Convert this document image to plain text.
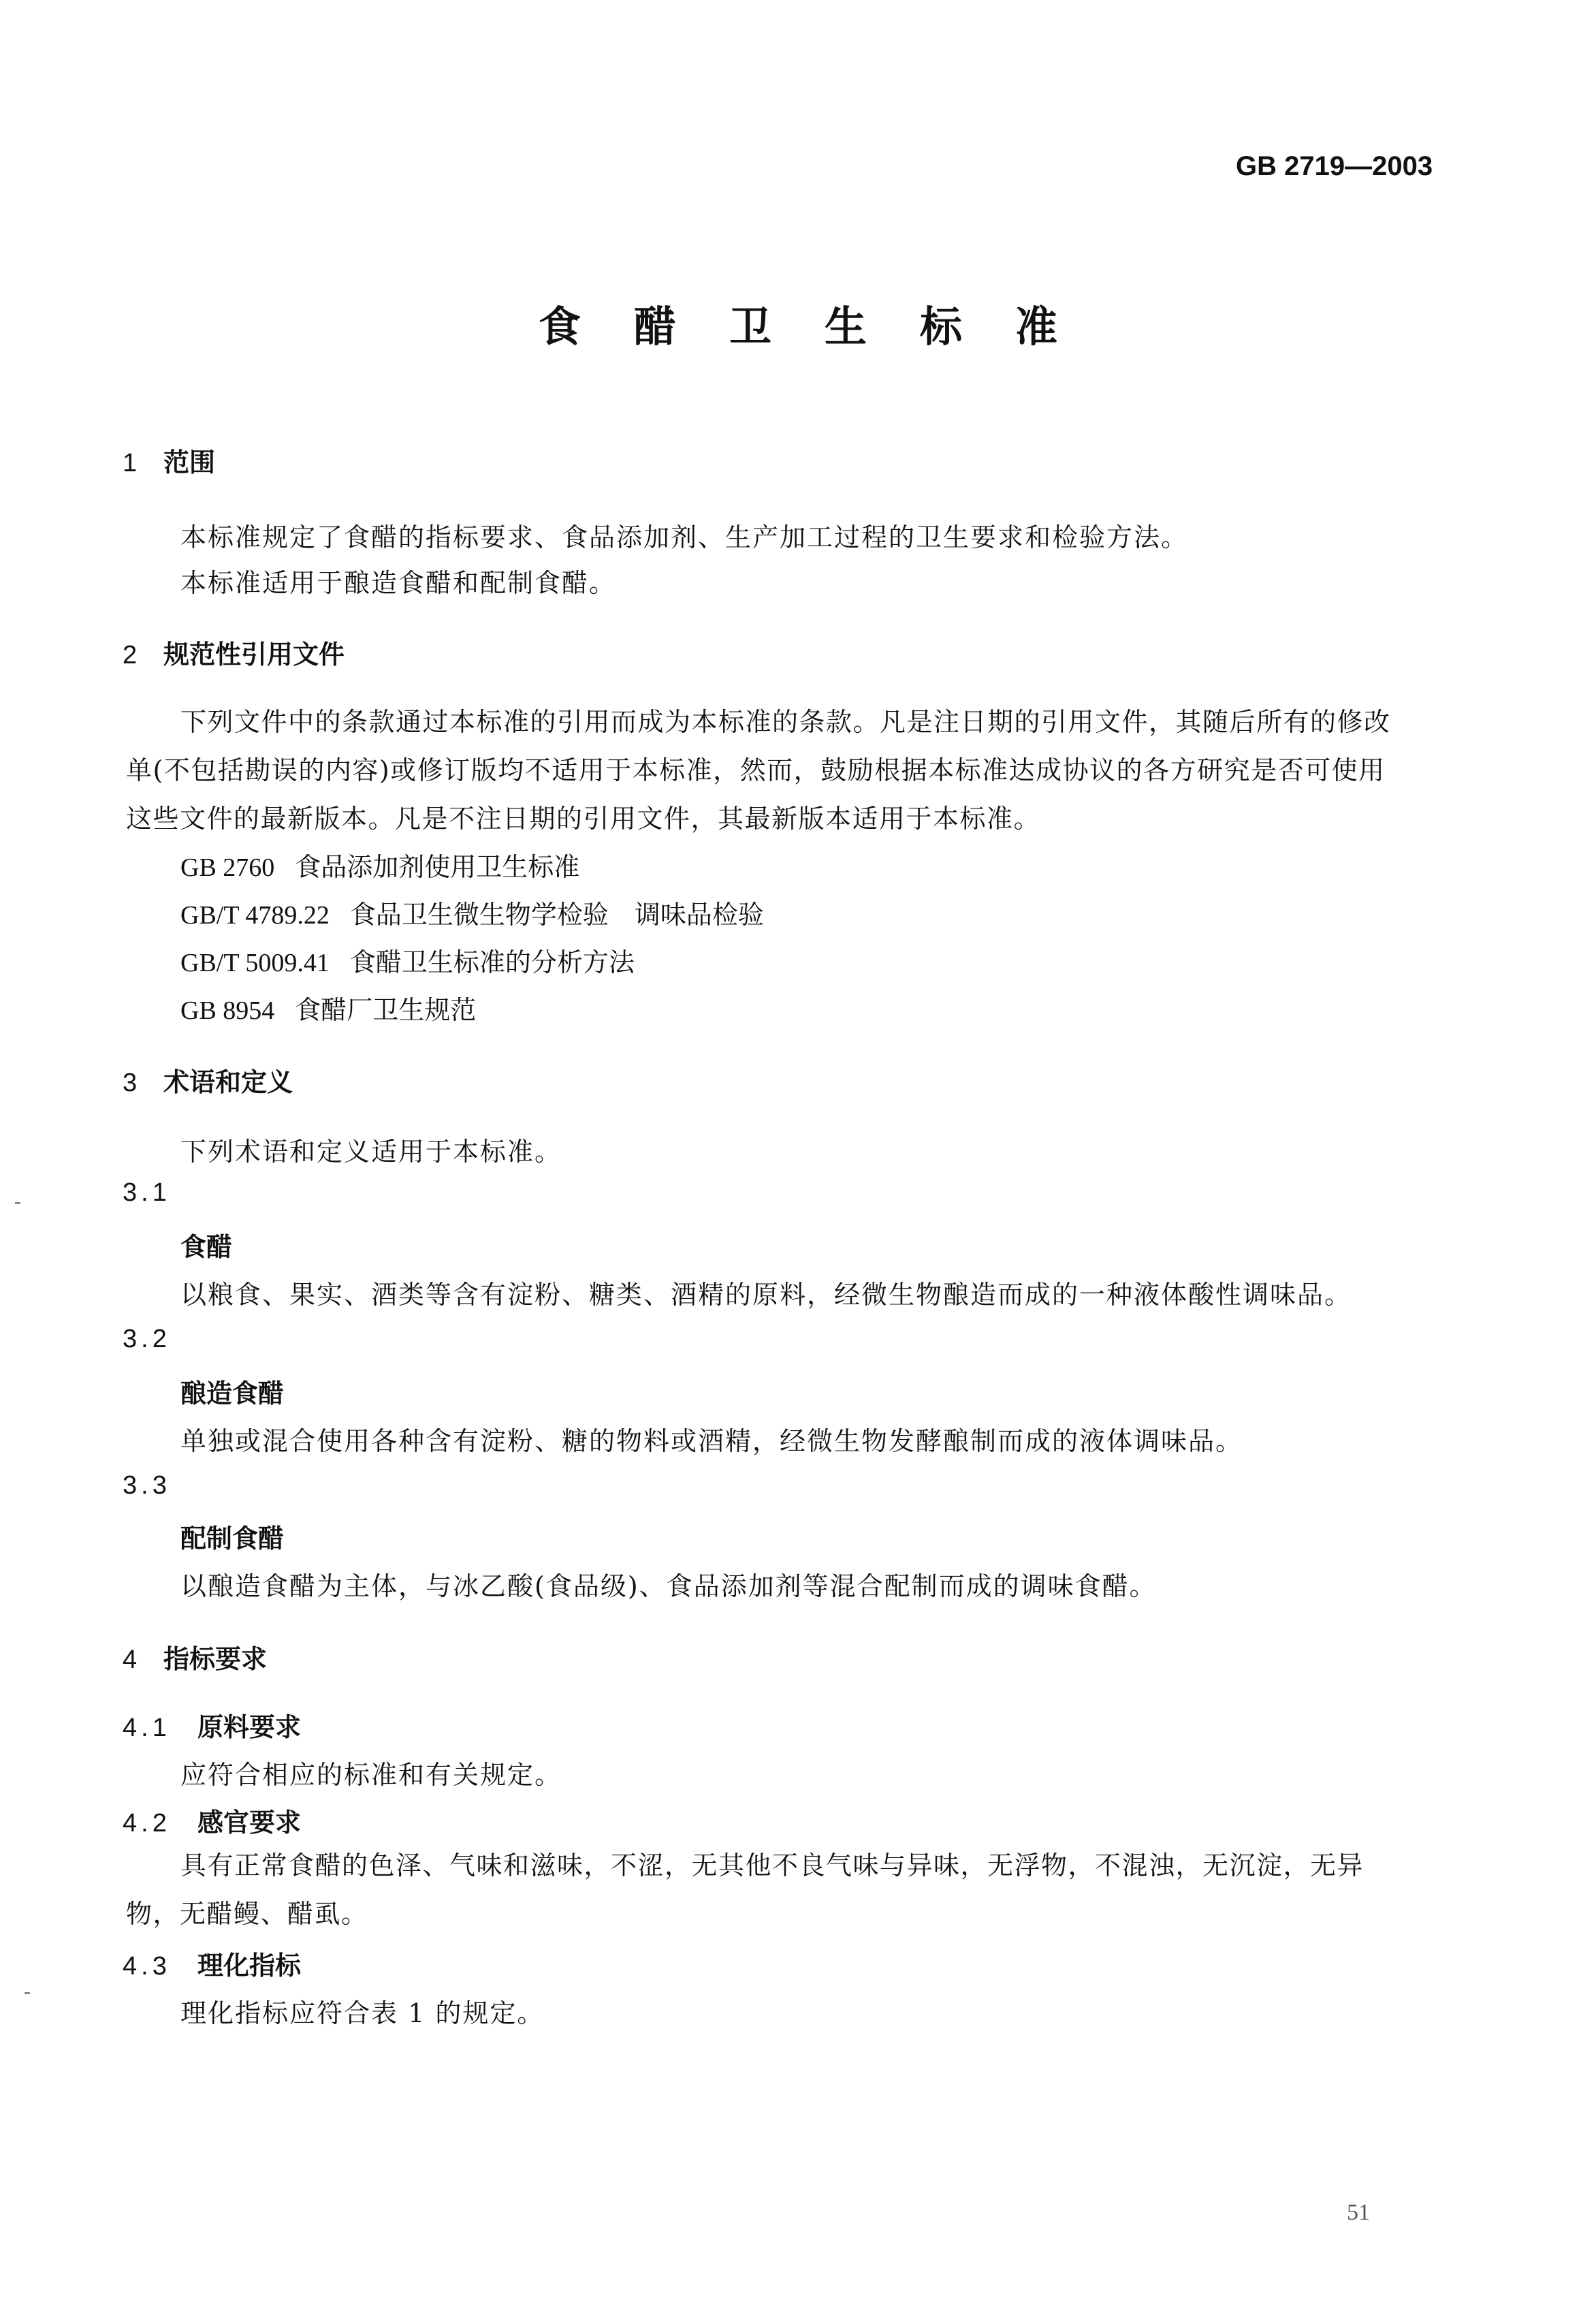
GB 2719—2003
食醋卫生标准
1 范围
本标准规定了食醋的指标要求、食品添加剂、生产加工过程的卫生要求和检验方法。
本标准适用于酿造食醋和配制食醋。
2 规范性引用文件
下列文件中的条款通过本标准的引用而成为本标准的条款。凡是注日期的引用文件，其随后所有的修改单(不包括勘误的内容)或修订版均不适用于本标准，然而，鼓励根据本标准达成协议的各方研究是否可使用这些文件的最新版本。凡是不注日期的引用文件，其最新版本适用于本标准。
GB 2760 食品添加剂使用卫生标准
GB/T 4789.22 食品卫生微生物学检验　调味品检验
GB/T 5009.41 食醋卫生标准的分析方法
GB 8954 食醋厂卫生规范
3 术语和定义
下列术语和定义适用于本标准。
3.1
食醋
以粮食、果实、酒类等含有淀粉、糖类、酒精的原料，经微生物酿造而成的一种液体酸性调味品。
3.2
酿造食醋
单独或混合使用各种含有淀粉、糖的物料或酒精，经微生物发酵酿制而成的液体调味品。
3.3
配制食醋
以酿造食醋为主体，与冰乙酸(食品级)、食品添加剂等混合配制而成的调味食醋。
4 指标要求
4.1 原料要求
应符合相应的标准和有关规定。
4.2 感官要求
具有正常食醋的色泽、气味和滋味，不涩，无其他不良气味与异味，无浮物，不混浊，无沉淀，无异物，无醋鳗、醋虱。
4.3 理化指标
理化指标应符合表 1 的规定。
51
